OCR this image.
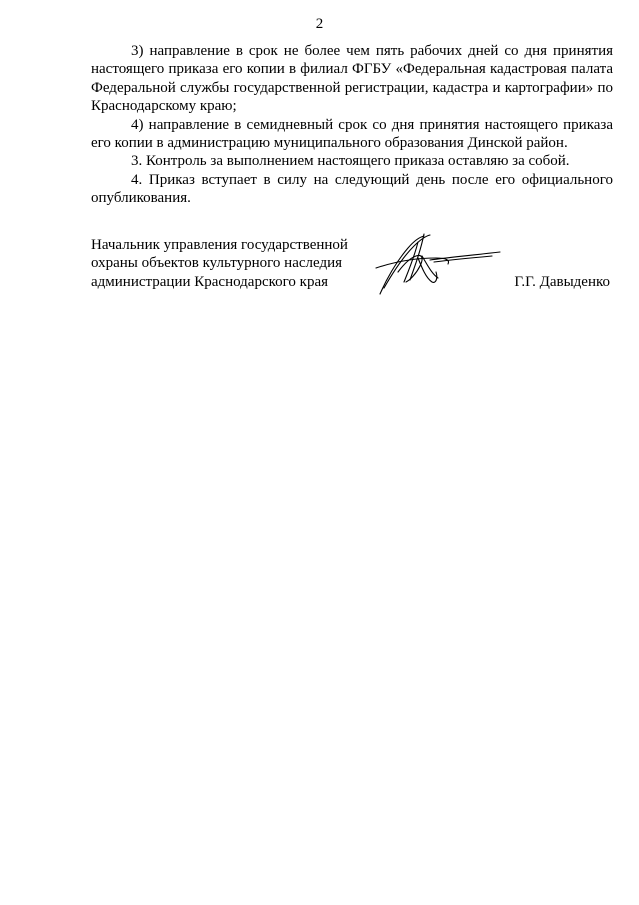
2

3) направление в срок не более чем пять рабочих дней со дня принятия настоящего приказа его копии в филиал ФГБУ «Федеральная кадастровая палата Федеральной службы государственной регистрации, кадастра и картографии» по Краснодарскому краю;

4) направление в семидневный срок со дня принятия настоящего приказа его копии в администрацию муниципального образования Динской район.

3. Контроль за выполнением настоящего приказа оставляю за собой.

4. Приказ вступает в силу на следующий день после его официального опубликования.

Начальник управления государственной
охраны объектов культурного наследия
администрации Краснодарского края	Г.Г. Давыденко
